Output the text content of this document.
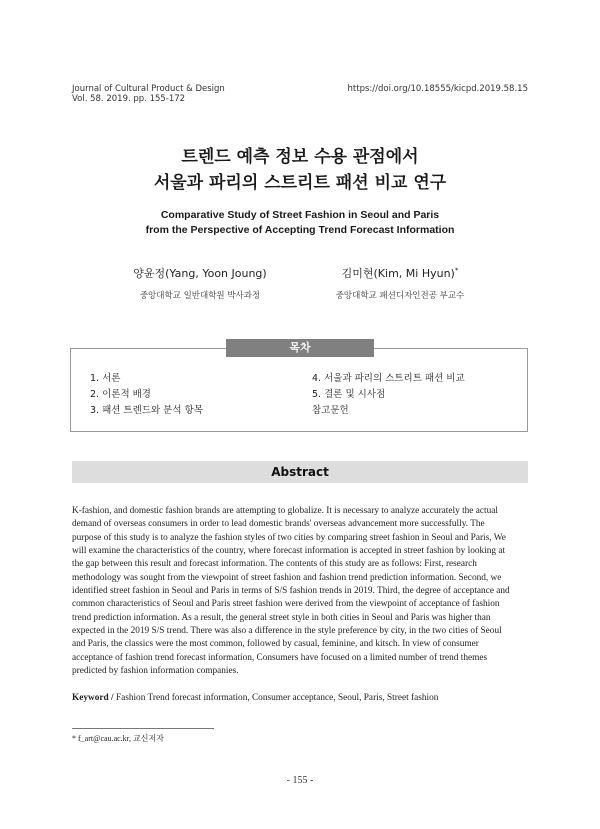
Journal of Cultural Product & Design
Vol. 58. 2019. pp. 155-172
https://doi.org/10.18555/kicpd.2019.58.15
트렌드 예측 정보 수용 관점에서
서울과 파리의 스트리트 패션 비교 연구
Comparative Study of Street Fashion in Seoul and Paris
from the Perspective of Accepting Trend Forecast Information
양윤정(Yang, Yoon Joung)
중앙대학교 일반대학원 박사과정
김미현(Kim, Mi Hyun)*
중앙대학교 패션디자인전공 부교수
목차
1. 서론
2. 이론적 배경
3. 패션 트렌드와 분석 항목
4. 서울과 파리의 스트리트 패션 비교
5. 결론 및 시사점
참고문헌
Abstract
K-fashion, and domestic fashion brands are attempting to globalize. It is necessary to analyze accurately the actual
demand of overseas consumers in order to lead domestic brands' overseas advancement more successfully. The
purpose of this study is to analyze the fashion styles of two cities by comparing street fashion in Seoul and Paris, We
will examine the characteristics of the country, where forecast information is accepted in street fashion by looking at
the gap between this result and forecast information. The contents of this study are as follows: First, research
methodology was sought from the viewpoint of street fashion and fashion trend prediction information. Second, we
identified street fashion in Seoul and Paris in terms of S/S fashion trends in 2019. Third, the degree of acceptance and
common characteristics of Seoul and Paris street fashion were derived from the viewpoint of acceptance of fashion
trend prediction information. As a result, the general street style in both cities in Seoul and Paris was higher than
expected in the 2019 S/S trend. There was also a difference in the style preference by city, in the two cities of Seoul
and Paris, the classics were the most common, followed by casual, feminine, and kitsch. In view of consumer
acceptance of fashion trend forecast information, Consumers have focused on a limited number of trend themes
predicted by fashion information companies.
Keyword / Fashion Trend forecast information, Consumer acceptance, Seoul, Paris, Street fashion
* f_art@cau.ac.kr, 교신저자
- 155 -
